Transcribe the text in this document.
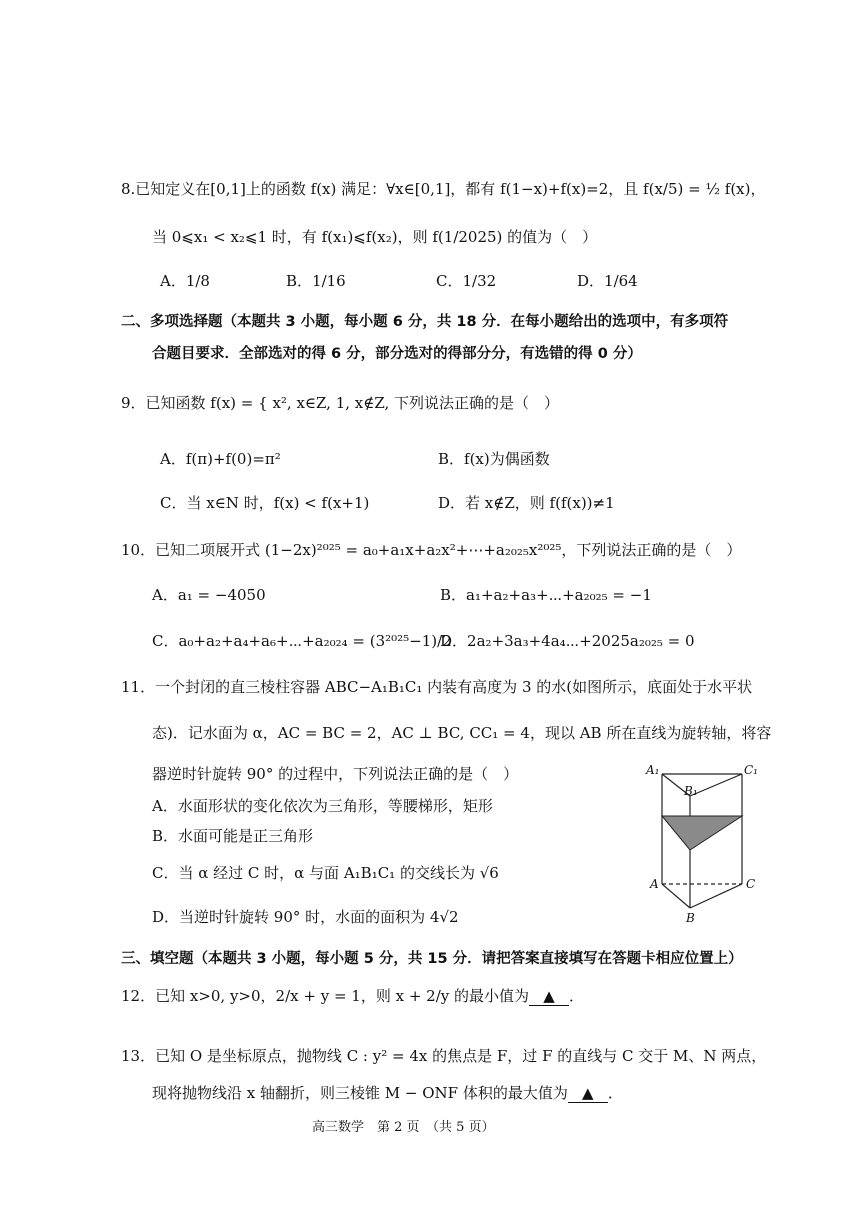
8.已知定义在[0,1]上的函数 f(x) 满足：∀x∈[0,1]，都有 f(1−x)+f(x)=2，且 f(x/5) = ½ f(x)，
当 0⩽x₁ < x₂⩽1 时，有 f(x₁)⩽f(x₂)，则 f(1/2025) 的值为（　）
A．1/8	B．1/16	C．1/32	D．1/64
二、多项选择题（本题共 3 小题，每小题 6 分，共 18 分．在每小题给出的选项中，有多项符
合题目要求．全部选对的得 6 分，部分选对的得部分分，有选错的得 0 分）
9．已知函数 f(x) = { x², x∈Z, 1, x∉Z, 下列说法正确的是（　）
A．f(π)+f(0)=π²	B．f(x)为偶函数
C．当 x∈N 时，f(x) < f(x+1)	D．若 x∉Z，则 f(f(x))≠1
10．已知二项展开式 (1−2x)²⁰²⁵ = a₀+a₁x+a₂x²+⋯+a₂₀₂₅x²⁰²⁵，下列说法正确的是（　）
A．a₁ = −4050	B．a₁+a₂+a₃+⋯+a₂₀₂₅ = −1
C．a₀+a₂+a₄+a₆+⋯+a₂₀₂₄ = (3²⁰²⁵−1)/2
D．2a₂+3a₃+4a₄⋯+2025a₂₀₂₅ = 0
11．一个封闭的直三棱柱容器 ABC−A₁B₁C₁ 内装有高度为 3 的水(如图所示，底面处于水平状
态)．记水面为 α，AC = BC = 2，AC ⊥ BC, CC₁ = 4，现以 AB 所在直线为旋转轴，将容
器逆时针旋转 90° 的过程中，下列说法正确的是（　）
A．水面形状的变化依次为三角形，等腰梯形，矩形
B．水面可能是正三角形
C．当 α 经过 C 时，α 与面 A₁B₁C₁ 的交线长为 √6
D．当逆时针旋转 90° 时，水面的面积为 4√2
A₁	C₁
B₁
A	C
B
三、填空题（本题共 3 小题，每小题 5 分，共 15 分．请把答案直接填写在答题卡相应位置上）
12．已知 x>0, y>0，2/x + y = 1，则 x + 2/y 的最小值为 ▲ ．
13．已知 O 是坐标原点，抛物线 C : y² = 4x 的焦点是 F，过 F 的直线与 C 交于 M、N 两点，
现将抛物线沿 x 轴翻折，则三棱锥 M − ONF 体积的最大值为 ▲ ．
高三数学　第 2 页　（共 5 页）
